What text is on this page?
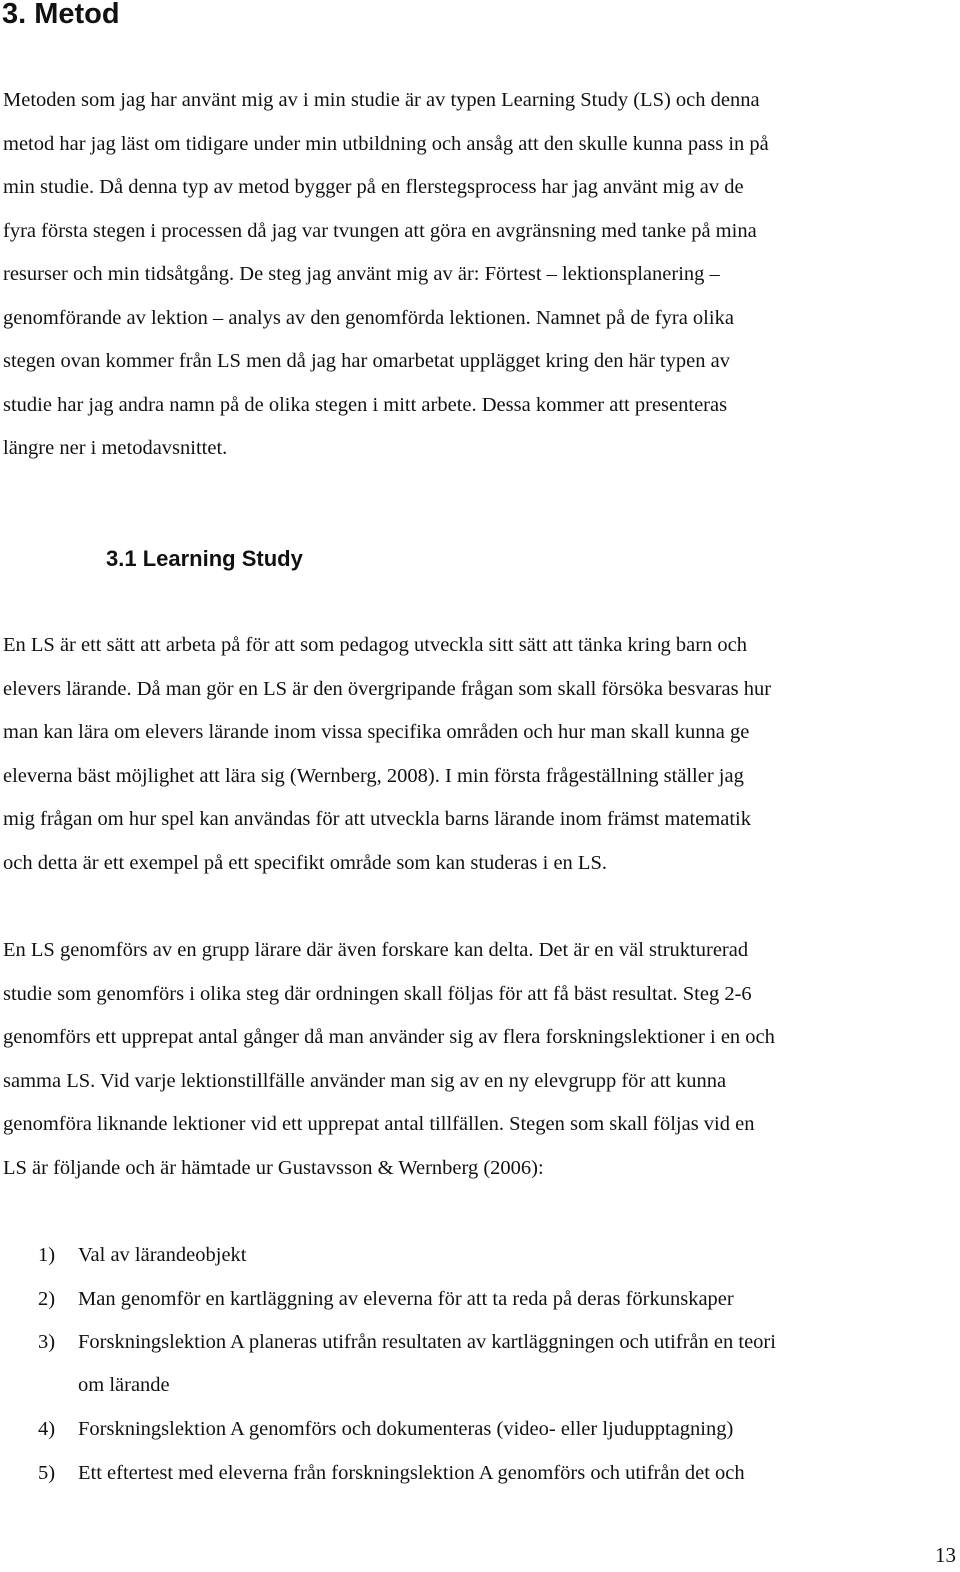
3. Metod
Metoden som jag har använt mig av i min studie är av typen Learning Study (LS) och denna
metod har jag läst om tidigare under min utbildning och ansåg att den skulle kunna pass in på
min studie. Då denna typ av metod bygger på en flerstegsprocess har jag använt mig av de
fyra första stegen i processen då jag var tvungen att göra en avgränsning med tanke på mina
resurser och min tidsåtgång. De steg jag använt mig av är: Förtest – lektionsplanering –
genomförande av lektion – analys av den genomförda lektionen. Namnet på de fyra olika
stegen ovan kommer från LS men då jag har omarbetat upplägget kring den här typen av
studie har jag andra namn på de olika stegen i mitt arbete. Dessa kommer att presenteras
längre ner i metodavsnittet.
3.1 Learning Study
En LS är ett sätt att arbeta på för att som pedagog utveckla sitt sätt att tänka kring barn och
elevers lärande. Då man gör en LS är den övergripande frågan som skall försöka besvaras hur
man kan lära om elevers lärande inom vissa specifika områden och hur man skall kunna ge
eleverna bäst möjlighet att lära sig (Wernberg, 2008). I min första frågeställning ställer jag
mig frågan om hur spel kan användas för att utveckla barns lärande inom främst matematik
och detta är ett exempel på ett specifikt område som kan studeras i en LS.
En LS genomförs av en grupp lärare där även forskare kan delta. Det är en väl strukturerad
studie som genomförs i olika steg där ordningen skall följas för att få bäst resultat. Steg 2-6
genomförs ett upprepat antal gånger då man använder sig av flera forskningslektioner i en och
samma LS. Vid varje lektionstillfälle använder man sig av en ny elevgrupp för att kunna
genomföra liknande lektioner vid ett upprepat antal tillfällen. Stegen som skall följas vid en
LS är följande och är hämtade ur Gustavsson & Wernberg (2006):
1) Val av lärandeobjekt
2) Man genomför en kartläggning av eleverna för att ta reda på deras förkunskaper
3) Forskningslektion A planeras utifrån resultaten av kartläggningen och utifrån en teori
om lärande
4) Forskningslektion A genomförs och dokumenteras (video- eller ljudupptagning)
5) Ett eftertest med eleverna från forskningslektion A genomförs och utifrån det och
13
